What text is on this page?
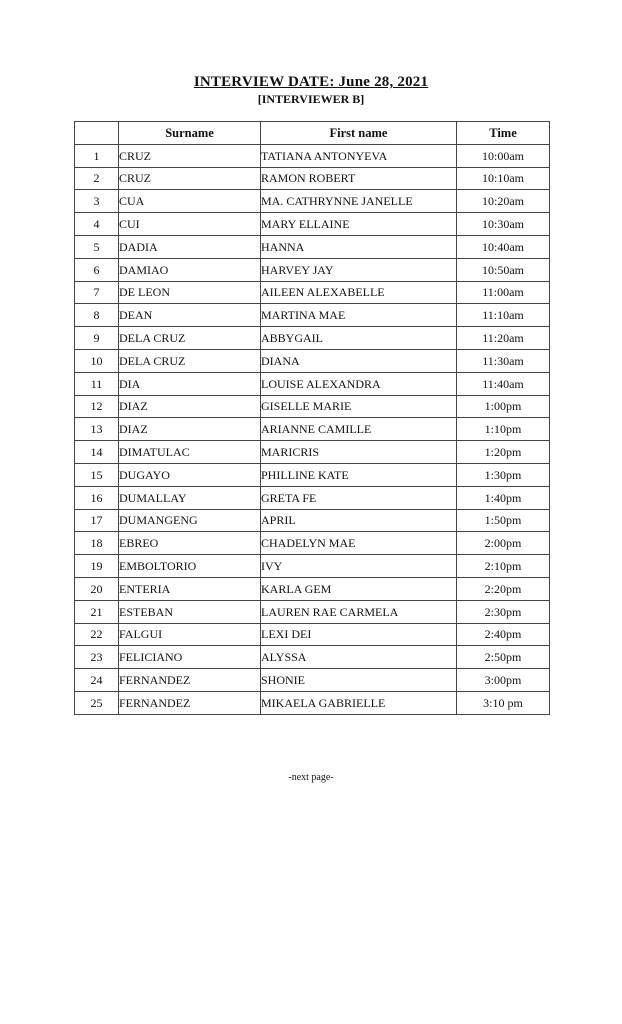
INTERVIEW DATE: June 28, 2021
[INTERVIEWER B]
	Surname	First name	Time
1	CRUZ	TATIANA ANTONYEVA	10:00am
2	CRUZ	RAMON ROBERT	10:10am
3	CUA	MA. CATHRYNNE JANELLE	10:20am
4	CUI	MARY ELLAINE	10:30am
5	DADIA	HANNA	10:40am
6	DAMIAO	HARVEY JAY	10:50am
7	DE LEON	AILEEN ALEXABELLE	11:00am
8	DEAN	MARTINA MAE	11:10am
9	DELA CRUZ	ABBYGAIL	11:20am
10	DELA CRUZ	DIANA	11:30am
11	DIA	LOUISE ALEXANDRA	11:40am
12	DIAZ	GISELLE MARIE	1:00pm
13	DIAZ	ARIANNE CAMILLE	1:10pm
14	DIMATULAC	MARICRIS	1:20pm
15	DUGAYO	PHILLINE KATE	1:30pm
16	DUMALLAY	GRETA FE	1:40pm
17	DUMANGENG	APRIL	1:50pm
18	EBREO	CHADELYN MAE	2:00pm
19	EMBOLTORIO	IVY	2:10pm
20	ENTERIA	KARLA GEM	2:20pm
21	ESTEBAN	LAUREN RAE CARMELA	2:30pm
22	FALGUI	LEXI DEI	2:40pm
23	FELICIANO	ALYSSA	2:50pm
24	FERNANDEZ	SHONIE	3:00pm
25	FERNANDEZ	MIKAELA GABRIELLE	3:10 pm
-next page-
